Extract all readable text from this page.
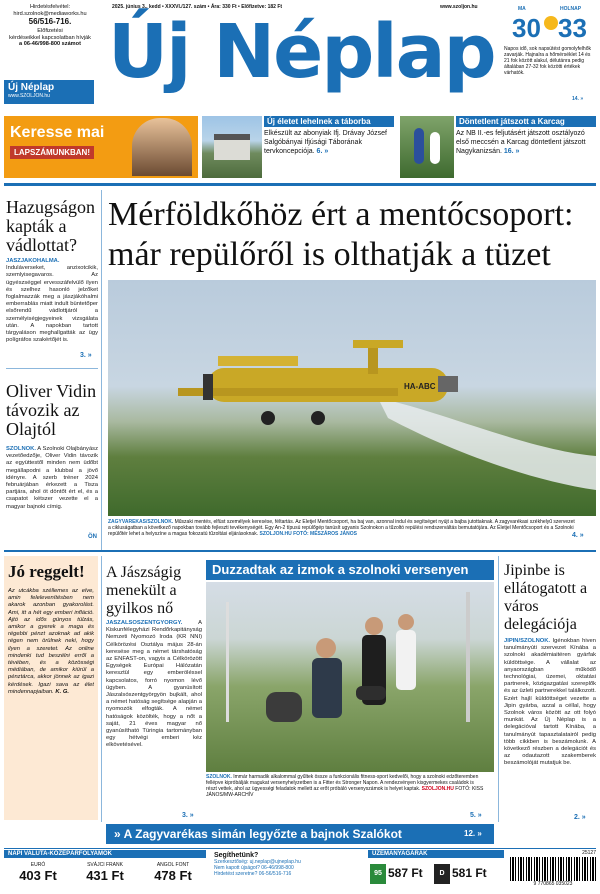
Hirdetésfelvétel:
hird.szolnok@mediaworks.hu
56/516-716.
Előfizetési
kérdéseikkel kapcsolatban hívják
a 06-46/998-800 számot
Új Néplap
www.SZOLJON.hu
2025. június 3., kedd • XXXVI./127. szám • Ára: 330 Ft • Előfizetve: 182 Ft	www.szoljon.hu
Új Néplap	MA	HOLNAP
30 33
Napos idő, sok napsütést gomolyfelhők zavarják. Hajnalra a hőmérséklet 14 és 21 fok között alakul, délutánra pedig általában 27-32 fok közötti értékek várhatók.
14. »
Keresse mai
LAPSZÁMUNKBAN!
Új életet lehelnek a táborba
Elkészült az abonyiak Ifj. Drávay József Salgóbányai Ifjúsági Táborának tervkoncepciója. 6. »
Döntetlent játszott a Karcag
Az NB II.-es feljutásért játszott osztályozó első meccsén a Karcag döntetlent játszott Nagykanizsán. 16. »
Hazugságon kapták a vádlottat?
JÁSZJÁKÓHALMA. Induláverseket, anzixotcikik, szemlyisegavaros. Az ügyészséggel ervesszáfelvülő ilyen és szelhez hasonló jelzőket foglalmazzák meg a jászjákóhalmi emberrablás miatt indult büntetőper elsőrendű vádlottjáról a személyiségjegyeinek vizsgálata után. A napokban tartott tárgyaláson meghallgatták az ügy polígráfos szakértőjét is.
3. »
Oliver Vidin távozik az Olajtól
SZOLNOK. A Szolnoki Olajbányász vezetőedzője, Oliver Vidin távozik az együttestől minden nem üdőbt megállapodni a klubbal a jövő idényre. A szerb tréner 2024 februárjában érkezett a Tisza partjára, ahol öt döntőt ért el, és a csapatot kétszer vezette el a magyar bajnoki címig.
ÖN
Mérföldkőhöz ért a mentőcsoport:
már repülőről is olthatják a tüzet
HA-ABC
ZAGYVARÉKAS/SZOLNOK. Műszaki mentés, elfüst személyek keresése, féltartás. Az Életjel Mentőcsoport, ha baj van, azonnal indul és segítséget nyújt a bajba jutottaknak. A zagyvarékasi székhelyű szervezet a cikluságatban a következő napokban tovább fejleszti tevékenységét. Egy An-2 típusú repülőgép tanúsít ugyanis Szolnokon a tűzoltó repülési rendszerváltás bemutatójára. Az Életjel Mentőcsoport és a Szolnoki repülőtér lehet a helyszíne a magas fokozatú tűzoltási eljárásoknak. SZOLJON.HU FOTÓ: MÉSZÁROS JÁNOS	4. »
Jó reggelt!
Az utcákba széllemes az elve, amin felelevenítésben nem akarok azonban gyakorolást. Ami, itt a hét egy emberi infláció. Ajtó az idős gúnyos túlzás, amikor a gyerek a maga és régebbi pénzt azoknak ad akik régen nem örülnek neki, hogy ilyen a szeretet. Az online mindenki tud beszélni erről a tévében, és a közösségi médiában, de amikor kiürül a pénztárca, akkor jönnek az igazi kérdések. Igazi sava az élet mindennapjaiban. K. G.
A Jászságig menekült a gyilkos nő
JÁSZALSÓSZENTGYÖRGY.	A Kiskunfélegyházi Rendőrkapitányság Nemzeti Nyomozó Iroda (KR NNI) Célkörözési Osztálya május 28-án keresése meg a német társhatóság az ENFAST-on, vagyis a Célkörözött Egységek Európai Hálózatán keresztül egy emberöléssel kapcsolatos, forró nyomon lévő ügyben. A gyanúsított Jászalsószentgyörgyön bujkált, ahol a német hatóság segítsége alapján a nyomozók elfogták. A német hatóságok közölték, hogy a nőt a saját, 21 éves magyar nő gyanúsítható Türingia tartományban egy hétvégi emberi kéz elkövetésével.
3. »
Duzzadtak az izmok a szolnoki versenyen
SZOLNOK. Immár harmadik alkalommal gyűltek össze a funkcionális fitness-sport kedvelői, hogy a szolnoki edzőteremben fellépve kipróbálják magukat versenyhelyzetben is a Fitter és Stronger Napon. A rendezvényen kisgyermekes családok is részt vettek, ahol az ügyességi feladatok mellett az erőt próbáló versenyszámok is helyet kaptak. SZOLJON.HU FOTÓ: KISS JÁNOS/MW-ARCHÍV
5. »
Jipinbe is ellátogatott a város delegációja
JIPIN/SZOLNOK. Igénokban hiven tanulmányúti szervezet Kínába a szolnoki akadémiaitéren gyárfak küldöttsége. A vállalat az anyaországban működő technológiai, üzemei, oktatási partnerek, közigazgatási szereplők és az üzleti partnerekkel találkozott. Ezért hajlí küldöttséget vezette a Jipin gyárba, azzal a céllal, hogy Szolnok város között az ott folyó munkát. Az Új Néplap is a delegációval tartott Kínába, a tanulmányút tapasztalatairól pedig több cikkben is beszámolunk. A következő részben a delegációt és az odautazott szakemberek beszámolóját mutatjuk be.
2. »
» A Zagyvarékas simán legyőzte a bajnok Szalókot	12. »
NAPI VALUTA-KÖZÉPÁRFOLYAMOK
EURÓ
403 Ft
SVÁJCI FRANK
431 Ft
ANGOL FONT
478 Ft
Segíthetünk?
Szerkesztőség: uj.neplap@ujneplap.hu
Nem kapott újságot? 06-46/998-800
Hirdetést szeretne? 06-56/516-716
ÜZEMANYAGÁRAK
95 587 Ft	D 581 Ft
25127
9 770865 035023
